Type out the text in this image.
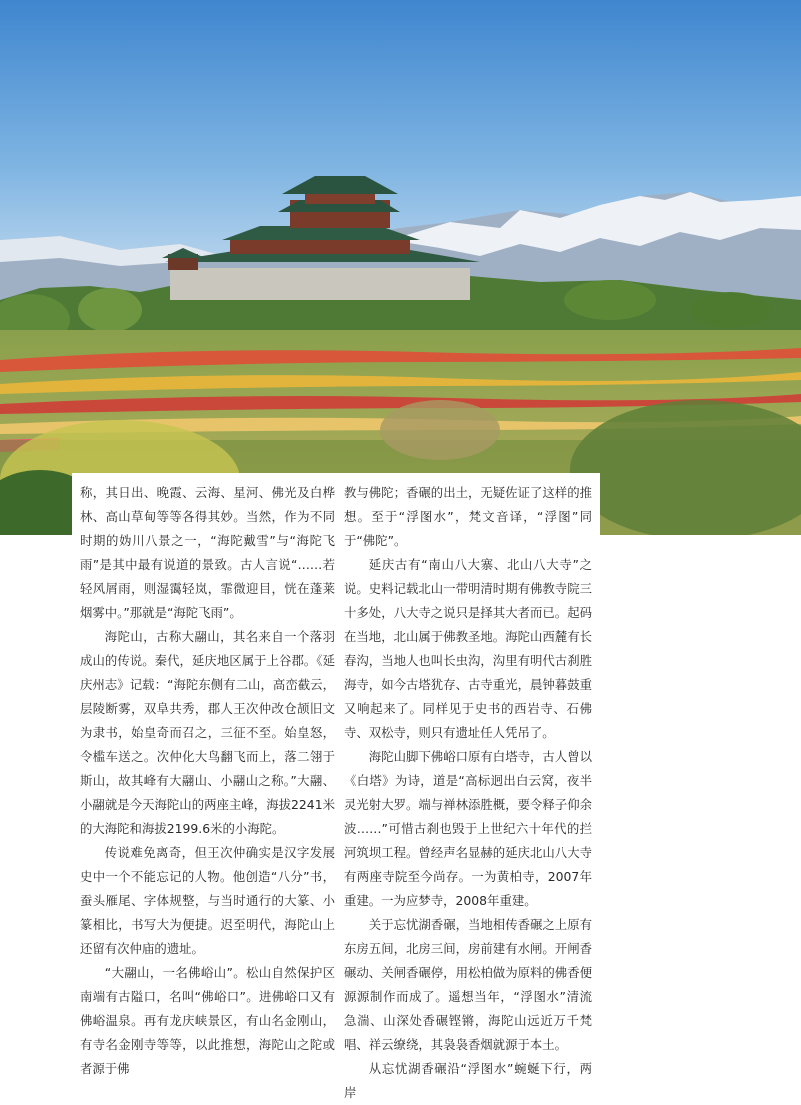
称，其日出、晚霞、云海、星河、佛光及白桦林、高山草甸等等各得其妙。当然，作为不同时期的妫川八景之一，“海陀戴雪”与“海陀飞雨”是其中最有说道的景致。古人言说“……若轻风屑雨，则湿霭轻岚，霏微迎目，恍在蓬莱烟雾中。”那就是“海陀飞雨”。

海陀山，古称大翮山，其名来自一个落羽成山的传说。秦代，延庆地区属于上谷郡。《延庆州志》记载：“海陀东侧有二山，高峦截云，层陵断雾，双阜共秀，郡人王次仲改仓颉旧文为隶书，始皇奇而召之，三征不至。始皇怒，令槛车送之。次仲化大鸟翻飞而上，落二翎于斯山，故其峰有大翮山、小翮山之称。”大翮、小翮就是今天海陀山的两座主峰，海拔2241米的大海陀和海拔2199.6米的小海陀。

传说难免离奇，但王次仲确实是汉字发展史中一个不能忘记的人物。他创造“八分”书，蚕头雁尾、字体规整，与当时通行的大篆、小篆相比，书写大为便捷。迟至明代，海陀山上还留有次仲庙的遗址。

“大翮山，一名佛峪山”。松山自然保护区南端有古隘口，名叫“佛峪口”。进佛峪口又有佛峪温泉。再有龙庆峡景区，有山名金刚山，有寺名金刚寺等等，以此推想，海陀山之陀或者源于佛

教与佛陀；香碾的出土，无疑佐证了这样的推想。至于“浮图水”，梵文音译，“浮图”同于“佛陀”。

延庆古有“南山八大寨、北山八大寺”之说。史料记载北山一带明清时期有佛教寺院三十多处，八大寺之说只是择其大者而已。起码在当地，北山属于佛教圣地。海陀山西麓有长春沟，当地人也叫长虫沟，沟里有明代古刹胜海寺，如今古塔犹存、古寺重光，晨钟暮鼓重又响起来了。同样见于史书的西岩寺、石佛寺、双松寺，则只有遗址任人凭吊了。

海陀山脚下佛峪口原有白塔寺，古人曾以《白塔》为诗，道是“高标迥出白云窝，夜半灵光射大罗。端与禅林添胜概，要令释子仰余波……”可惜古刹也毁于上世纪六十年代的拦河筑坝工程。曾经声名显赫的延庆北山八大寺有两座寺院至今尚存。一为黄柏寺，2007年重建。一为应梦寺，2008年重建。

关于忘忧湖香碾，当地相传香碾之上原有东房五间，北房三间，房前建有水闸。开闸香碾动、关闸香碾停，用松柏做为原料的佛香便源源制作而成了。遥想当年，“浮图水”清流急湍、山深处香碾铿锵，海陀山远近万千梵唱、祥云缭绕，其袅袅香烟就源于本土。

从忘忧湖香碾沿“浮图水”蜿蜒下行，两岸
